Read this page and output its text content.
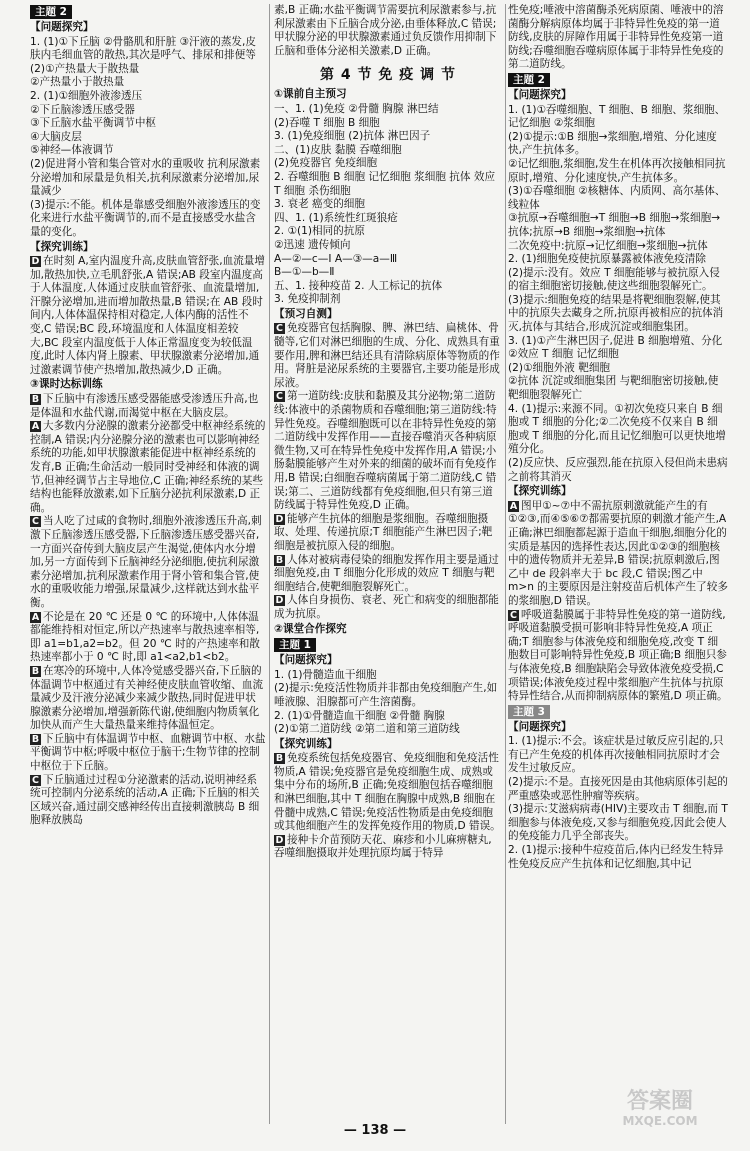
主题 2

【问题探究】

1. (1)①下丘脑 ②骨骼肌和肝脏 ③汗液的蒸发,皮肤内毛细血管的散热,其次是呼气、排尿和排便等

(2)①产热量大于散热量

②产热量小于散热量

2. (1)①细胞外液渗透压

②下丘脑渗透压感受器

③下丘脑水盐平衡调节中枢

④大脑皮层

⑤神经—体液调节

(2)促进肾小管和集合管对水的重吸收 抗利尿激素分泌增加和尿量是负相关,抗利尿激素分泌增加,尿量减少

(3)提示:不能。机体是靠感受细胞外液渗透压的变化来进行水盐平衡调节的,而不是直接感受水盐含量的变化。

【探究训练】

D 在时刻 A,室内温度升高,皮肤血管舒张,血流量增加,散热加快,立毛肌舒张,A 错误;AB 段室内温度高于人体温度,人体通过皮肤血管舒张、血流量增加,汗腺分泌增加,进而增加散热量,B 错误;在 AB 段时间内,人体体温保持相对稳定,人体内酶的活性不变,C 错误;BC 段,环境温度和人体温度相差较大,BC 段室内温度低于人体正常温度变为较低温度,此时人体内肾上腺素、甲状腺激素分泌增加,通过激素调节使产热增加,散热减少,D 正确。

③课时达标训练

B 下丘脑中有渗透压感受器能感受渗透压升高,也是体温和水盐代谢,而渴觉中枢在大脑皮层。

A 大多数内分泌腺的激素分泌都受中枢神经系统的控制,A 错误;内分泌腺分泌的激素也可以影响神经系统的功能,如甲状腺激素能促进中枢神经系统的发育,B 正确;生命活动一般同时受神经和体液的调节,但神经调节占主导地位,C 正确;神经系统的某些结构也能释放激素,如下丘脑分泌抗利尿激素,D 正确。

C 当人吃了过咸的食物时,细胞外液渗透压升高,刺激下丘脑渗透压感受器,下丘脑渗透压感受器兴奋,一方面兴奋传到大脑皮层产生渴觉,使体内水分增加,另一方面传到下丘脑神经分泌细胞,使抗利尿激素分泌增加,抗利尿激素作用于肾小管和集合管,使水的重吸收能力增强,尿量减少,这样就达到水盐平衡。

A 不论是在 20 ℃ 还是 0 ℃ 的环境中,人体体温都能维持相对恒定,所以产热速率与散热速率相等,即 a1=b1,a2=b2。但 20 ℃ 时的产热速率和散热速率都小于 0 ℃ 时,即 a1<a2,b1<b2。

B 在寒冷的环境中,人体冷觉感受器兴奋,下丘脑的体温调节中枢通过有关神经使皮肤血管收缩、血流量减少及汗液分泌减少来减少散热,同时促进甲状腺激素分泌增加,增强新陈代谢,使细胞内物质氧化加快从而产生大量热量来维持体温恒定。

B 下丘脑中有体温调节中枢、血糖调节中枢、水盐平衡调节中枢;呼吸中枢位于脑干;生物节律的控制中枢位于下丘脑。

C 下丘脑通过过程①分泌激素的活动,说明神经系统可控制内分泌系统的活动,A 正确;下丘脑的相关区域兴奋,通过副交感神经传出直接刺激胰岛 B 细胞释放胰岛

素,B 正确;水盐平衡调节需要抗利尿激素参与,抗利尿激素由下丘脑合成分泌,由垂体释放,C 错误;甲状腺分泌的甲状腺激素通过负反馈作用抑制下丘脑和垂体分泌相关激素,D 正确。

第 4 节 免 疫 调 节

①课前自主预习

一、1. (1)免疫 ②骨髓 胸腺 淋巴结

(2)吞噬 T 细胞 B 细胞

3. (1)免疫细胞 (2)抗体 淋巴因子

二、(1)皮肤 黏膜 吞噬细胞

(2)免疫器官 免疫细胞

2. 吞噬细胞 B 细胞 记忆细胞 浆细胞 抗体 效应 T 细胞 杀伤细胞

3. 衰老 癌变的细胞

四、1. (1)系统性红斑狼疮

2. ①(1)相同的抗原

②迅速 遗传倾向

A—②—c—Ⅰ A—③—a—Ⅲ

B—①—b—Ⅱ

五、1. 接种疫苗 2. 人工标记的抗体

3. 免疫抑制剂

【预习自测】

C 免疫器官包括胸腺、脾、淋巴结、扁桃体、骨髓等,它们对淋巴细胞的生成、分化、成熟具有重要作用,脾和淋巴结还具有清除病原体等物质的作用。肾脏是泌尿系统的主要器官,主要功能是形成尿液。

C 第一道防线:皮肤和黏膜及其分泌物;第二道防线:体液中的杀菌物质和吞噬细胞;第三道防线:特异性免疫。吞噬细胞既可以在非特异性免疫的第二道防线中发挥作用——直接吞噬消灭各种病原微生物,又可在特异性免疫中发挥作用,A 错误;小肠黏膜能够产生对外来的细菌的破坏而有免疫作用,B 错误;白细胞吞噬病菌属于第二道防线,C 错误;第二、三道防线都有免疫细胞,但只有第三道防线属于特异性免疫,D 正确。

D 能够产生抗体的细胞是浆细胞。吞噬细胞摄取、处理、传递抗原;T 细胞能产生淋巴因子;靶细胞是被抗原入侵的细胞。

B 人体对被病毒侵染的细胞发挥作用主要是通过细胞免疫,由 T 细胞分化形成的效应 T 细胞与靶细胞结合,使靶细胞裂解死亡。

D 人体自身损伤、衰老、死亡和病变的细胞都能成为抗原。

②课堂合作探究

主题 1

【问题探究】

1. (1)骨髓造血干细胞

(2)提示:免疫活性物质并非都由免疫细胞产生,如唾液腺、泪腺都可产生溶菌酶。

2. (1)①骨髓造血干细胞 ②骨髓 胸腺

(2)①第二道防线 ②第二道和第三道防线

【探究训练】

B 免疫系统包括免疫器官、免疫细胞和免疫活性物质,A 错误;免疫器官是免疫细胞生成、成熟或集中分布的场所,B 正确;免疫细胞包括吞噬细胞和淋巴细胞,其中 T 细胞在胸腺中成熟,B 细胞在骨髓中成熟,C 错误;免疫活性物质是由免疫细胞或其他细胞产生的发挥免疫作用的物质,D 错误。

D 接种卡介苗预防天花、麻疹和小儿麻痹糖丸,吞噬细胞摄取并处理抗原均属于特异

性免疫;唾液中溶菌酶杀死病原菌、唾液中的溶菌酶分解病原体均属于非特异性免疫的第一道防线,皮肤的屏障作用属于非特异性免疫第一道防线;吞噬细胞吞噬病原体属于非特异性免疫的第二道防线。

主题 2

【问题探究】

1. (1)①吞噬细胞、T 细胞、B 细胞、浆细胞、记忆细胞 ②浆细胞

(2)①提示:①B 细胞→浆细胞,增殖、分化速度快,产生抗体多。

②记忆细胞,浆细胞,发生在机体再次接触相同抗原时,增殖、分化速度快,产生抗体多。

(3)①吞噬细胞 ②核糖体、内质网、高尔基体、线粒体

③抗原→吞噬细胞→T 细胞→B 细胞→浆细胞→抗体;抗原→B 细胞→浆细胞→抗体

二次免疫中:抗原→记忆细胞→浆细胞→抗体

2. (1)细胞免疫使抗原暴露被体液免疫清除

(2)提示:没有。效应 T 细胞能够与被抗原入侵的宿主细胞密切接触,使这些细胞裂解死亡。

(3)提示:细胞免疫的结果是将靶细胞裂解,使其中的抗原失去藏身之所,抗原再被相应的抗体消灭,抗体与其结合,形成沉淀或细胞集团。

3. (1)①产生淋巴因子,促进 B 细胞增殖、分化

②效应 T 细胞 记忆细胞

(2)①细胞外液 靶细胞

②抗体 沉淀或细胞集团 与靶细胞密切接触,使靶细胞裂解死亡

4. (1)提示:来源不同。①初次免疫只来自 B 细胞或 T 细胞的分化;②二次免疫不仅来自 B 细胞或 T 细胞的分化,而且记忆细胞可以更快地增殖分化。

(2)反应快、反应强烈,能在抗原入侵但尚未患病之前将其消灭

【探究训练】

A 图甲①~⑦中不需抗原刺激就能产生的有①②③,而④⑤⑥⑦都需要抗原的刺激才能产生,A 正确;淋巴细胞都起源于造血干细胞,细胞分化的实质是基因的选择性表达,因此①②③的细胞核中的遗传物质并无差异,B 错误;抗原刺激后,图乙中 de 段斜率大于 bc 段,C 错误;图乙中 m>n 的主要原因是注射疫苗后机体产生了较多的浆细胞,D 错误。

C 呼吸道黏膜属于非特异性免疫的第一道防线,呼吸道黏膜受损可影响非特异性免疫,A 项正确;T 细胞参与体液免疫和细胞免疫,改变 T 细胞数目可影响特异性免疫,B 项正确;B 细胞只参与体液免疫,B 细胞缺陷会导致体液免疫受损,C 项错误;体液免疫过程中浆细胞产生抗体与抗原特异性结合,从而抑制病原体的繁殖,D 项正确。

主题 3

【问题探究】

1. (1)提示:不会。该症状是过敏反应引起的,只有已产生免疫的机体再次接触相同抗原时才会发生过敏反应。

(2)提示:不是。直接死因是由其他病原体引起的严重感染或恶性肿瘤等疾病。

(3)提示:艾滋病病毒(HIV)主要攻击 T 细胞,而 T 细胞参与体液免疫,又参与细胞免疫,因此会使人的免疫能力几乎全部丧失。

2. (1)提示:接种牛痘疫苗后,体内已经发生特异性免疫反应产生抗体和记忆细胞,其中记

— 138 —
答案圈
MXQE.COM
